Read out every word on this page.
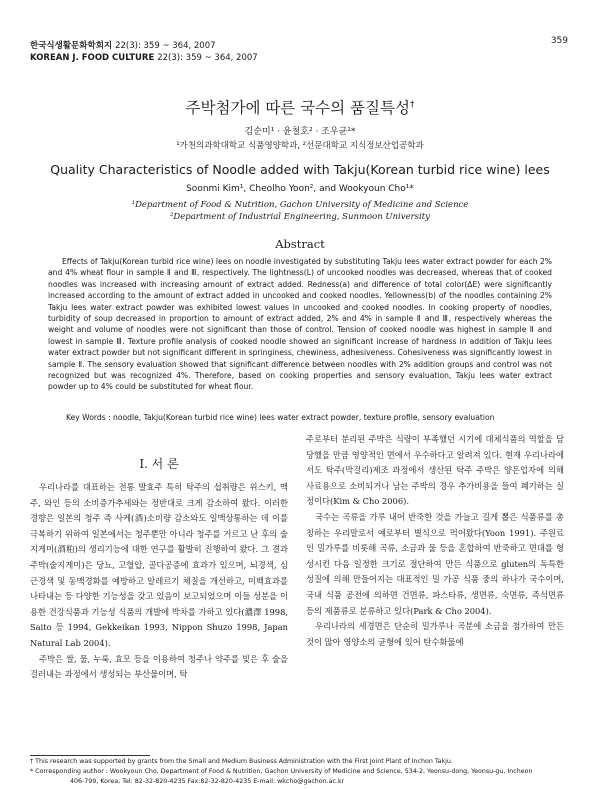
한국식생활문화학회지 22(3): 359 ~ 364, 2007
KOREAN J. FOOD CULTURE 22(3): 359 ~ 364, 2007
359
주박첨가에 따른 국수의 품질특성†
김순미¹ · 윤철호² · 조우균¹*
¹가천의과학대학교 식품영양학과, ²선문대학교 지식정보산업공학과
Quality Characteristics of Noodle added with Takju(Korean turbid rice wine) lees
Soonmi Kim¹, Cheolho Yoon², and Wookyoun Cho¹*
¹Department of Food & Nutrition, Gachon University of Medicine and Science
²Department of Industrial Engineering, Sunmoon University
Abstract

Effects of Takju(Korean turbid rice wine) lees on noodle investigated by substituting Takju lees water extract powder for each 2% and 4% wheat flour in sample Ⅱ and Ⅲ, respectively. The lightness(L) of uncooked noodles was decreased, whereas that of cooked noodles was increased with increasing amount of extract added. Redness(a) and difference of total color(ΔE) were significantly increased according to the amount of extract added in uncooked and cooked noodles. Yellowness(b) of the noodles containing 2% Takju lees water extract powder was exhibited lowest values in uncooked and cooked noodles. In cooking property of noodles, turbidity of soup decreased in proportion to amount of extract added, 2% and 4% in sample Ⅱ and Ⅲ, respectively whereas the weight and volume of noodles were not significant than those of control. Tension of cooked noodle was highest in sample Ⅱ and lowest in sample Ⅲ. Texture profile analysis of cooked noodle showed an significant increase of hardness in addition of Takju lees water extract powder but not significant different in springiness, chewiness, adhesiveness. Cohesiveness was significantly lowest in sample Ⅱ. The sensory evaluation showed that significant difference between noodles with 2% addition groups and control was not recognized but was recognized 4%. Therefore, based on cooking properties and sensory evaluation, Takju lees water extract powder up to 4% could be substituted for wheat flour.

Key Words : noodle, Takju(Korean turbid rice wine) lees water extract powder, texture profile, sensory evaluation
Ⅰ. 서 론

우리나라를 대표하는 전통 발효주 특히 탁주의 섭취량은 위스키, 맥주, 와인 등의 소비증가추세와는 정반대로 크게 감소하여 왔다. 이러한 경향은 일본의 청주 즉 사케(酒)소비량 감소와도 일맥상통하는 데 이를 극복하기 위하여 일본에서는 청주뿐만 아니라 청주를 거르고 난 후의 술지게미(酒粕)의 생리기능에 대한 연구를 활발히 진행하여 왔다. 그 결과 주박(술지게미)은 당뇨, 고혈압, 골다공증에 효과가 있으며, 뇌경색, 심근경색 및 동맥경화를 예방하고 알레르기 체질을 개선하고, 미백효과를 나타내는 등 다양한 기능성을 갖고 있음이 보고되었으며 이들 성분을 이용한 건강식품과 기능성 식품의 개발에 박차를 가하고 있다(濃澤 1998, Saito 등 1994, Gekkeikan 1993, Nippon Shuzo 1998, Japan Natural Lab 2004).

주박은 쌀, 물, 누룩, 효모 등을 이용하여 청주나 약주를 빚은 후 술을 걸러내는 과정에서 생성되는 부산물이며, 탁

주로부터 분리된 주박은 식량이 부족했던 시기에 대체식품의 역할을 담당했을 만큼 영양적인 면에서 우수하다고 알려져 있다. 현재 우리나라에서도 탁주(막걸리)제조 과정에서 생산된 탁주 주박은 양돈업자에 의해 사료용으로 소비되거나 남는 주박의 경우 추가비용을 들여 폐기하는 실정이다(Kim & Cho 2006).

국수는 곡류을 가루 내어 반죽한 것을 가늘고 길게 뽑은 식품류를 총칭하는 우리말로서 예로부터 별식으로 먹어왔다(Yoon 1991). 주원료인 밀가루를 비롯해 곡류, 소금과 물 등을 혼합하여 반죽하고 면대를 형성시킨 다음 일정한 크기로 절단하여 만든 식품으로 gluten의 독특한 성질에 의해 만들어지는 대표적인 밀 가공 식품 중의 하나가 국수이며, 국내 식품 공전에 의하면 건면류, 파스타류, 생면류, 숙면류, 즉석면류 등의 제품류로 분류하고 있다(Park & Cho 2004).

우리나라의 세경면은 단순히 밀가루나 곡분에 소금을 첨가하여 만든 것이 많아 영양소의 균형에 있어 탄수화물에

† This research was supported by grants from the Small and Medium Business Administration with the First Joint Plant of Inchon Takju.

* Corresponding author : Wookyoun Cho, Department of Food & Nutrition, Gachon University of Medicine and Science, 534-2, Yeonsu-dong, Yeonsu-gu, Incheon

406-799, Korea, Tel: 82-32-820-4235 Fax:82-32-820-4235 E-mail: wkcho@gachon.ac.kr
